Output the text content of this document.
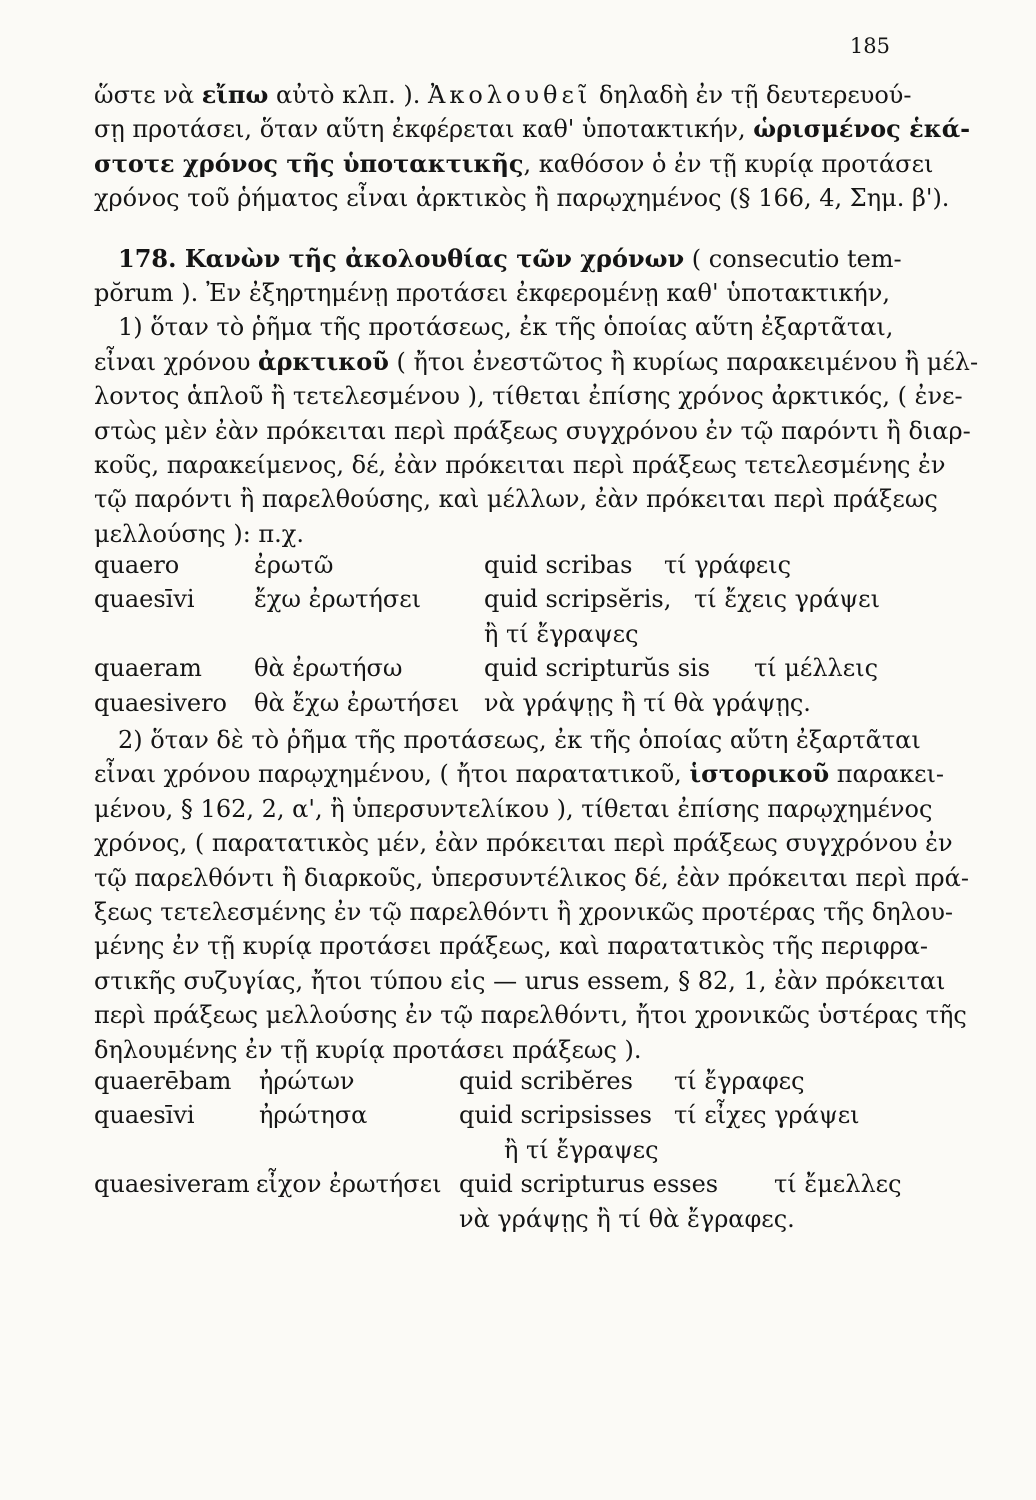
185
ὥστε νὰ εἴπω αὐτὸ κλπ. ). Ἀκολουθεῖ δηλαδὴ ἐν τῇ δευτερευού-
σῃ προτάσει, ὅταν αὕτη ἐκφέρεται καθ' ὑποτακτικήν, ὡρισμένος ἑκά-
στοτε χρόνος τῆς ὑποτακτικῆς, καθόσον ὁ ἐν τῇ κυρίᾳ προτάσει
χρόνος τοῦ ῥήματος εἶναι ἀρκτικὸς ἢ παρῳχημένος (§ 166, 4, Σημ. β').
178. Κανὼν τῆς ἀκολουθίας τῶν χρόνων ( consecutio tem-
pŏrum ). Ἐν ἐξηρτημένῃ προτάσει ἐκφερομένῃ καθ' ὑποτακτικήν,
1) ὅταν τὸ ῥῆμα τῆς προτάσεως, ἐκ τῆς ὁποίας αὕτη ἐξαρτᾶται,
εἶναι χρόνου ἀρκτικοῦ ( ἤτοι ἐνεστῶτος ἢ κυρίως παρακειμένου ἢ μέλ-
λοντος ἁπλοῦ ἢ τετελεσμένου ), τίθεται ἐπίσης χρόνος ἀρκτικός, ( ἐνε-
στὼς μὲν ἐὰν πρόκειται περὶ πράξεως συγχρόνου ἐν τῷ παρόντι ἢ διαρ-
κοῦς, παρακείμενος, δέ, ἐὰν πρόκειται περὶ πράξεως τετελεσμένης ἐν
τῷ παρόντι ἢ παρελθούσης, καὶ μέλλων, ἐὰν πρόκειται περὶ πράξεως
μελλούσης ): π.χ.
quaero	ἐρωτῶ	quid scribas τί γράφεις
quaesīvi ἔχω ἐρωτήσει	quid scripsĕris, τί ἔχεις γράψει
ἢ τί ἔγραψες
quaeram θὰ ἐρωτήσω	quid scripturŭs sis τί μέλλεις
quaesivero θὰ ἔχω ἐρωτήσει νὰ γράψῃς ἢ τί θὰ γράψῃς.
2) ὅταν δὲ τὸ ῥῆμα τῆς προτάσεως, ἐκ τῆς ὁποίας αὕτη ἐξαρτᾶται
εἶναι χρόνου παρῳχημένου, ( ἤτοι παρατατικοῦ, ἱστορικοῦ παρακει-
μένου, § 162, 2, α', ἢ ὑπερσυντελίκου ), τίθεται ἐπίσης παρῳχημένος
χρόνος, ( παρατατικὸς μέν, ἐὰν πρόκειται περὶ πράξεως συγχρόνου ἐν
τῷ παρελθόντι ἢ διαρκοῦς, ὑπερσυντέλικος δέ, ἐὰν πρόκειται περὶ πρά-
ξεως τετελεσμένης ἐν τῷ παρελθόντι ἢ χρονικῶς προτέρας τῆς δηλου-
μένης ἐν τῇ κυρίᾳ προτάσει πράξεως, καὶ παρατατικὸς τῆς περιφρα-
στικῆς συζυγίας, ἤτοι τύπου εἰς — urus essem, § 82, 1, ἐὰν πρόκειται
περὶ πράξεως μελλούσης ἐν τῷ παρελθόντι, ἤτοι χρονικῶς ὑστέρας τῆς
δηλουμένης ἐν τῇ κυρίᾳ προτάσει πράξεως ).
quaerēbam ἠρώτων	quid scribĕres τί ἔγραφες
quaesīvi	ἠρώτησα	quid scripsisses τί εἶχες γράψει
ἢ τί ἔγραψες
quaesiveram εἶχον ἐρωτήσει quid scripturus esses τί ἔμελλες
νὰ γράψῃς ἢ τί θὰ ἔγραφες.
